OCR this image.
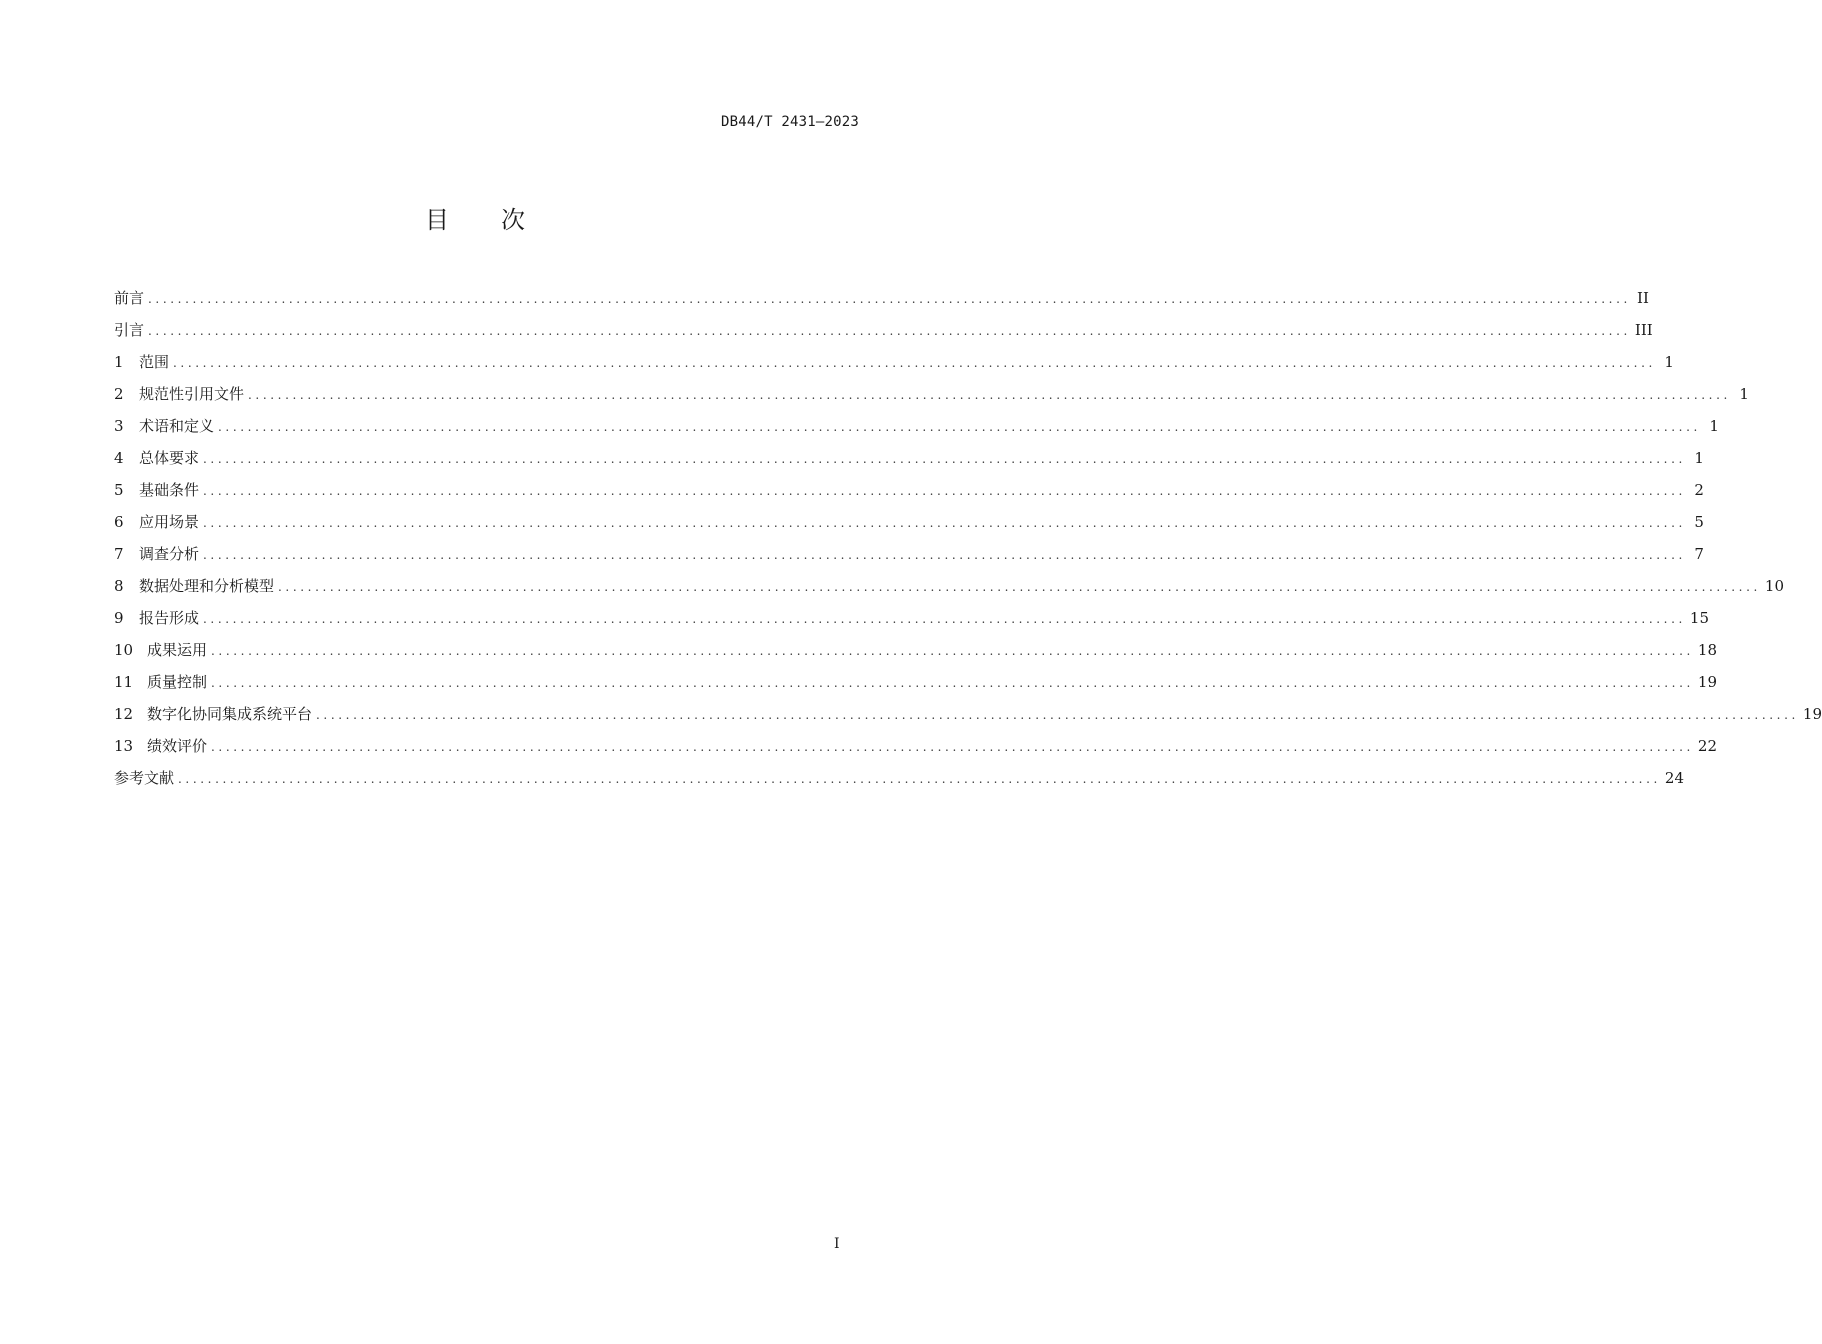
DB44/T 2431—2023
目次
前言 ........................................................................................................................................................................................................ II
引言 ........................................................................................................................................................................................................ III
1	范围 ........................................................................................................................................................................................................ 1
2	规范性引用文件 ........................................................................................................................................................................................................ 1
3	术语和定义 ........................................................................................................................................................................................................ 1
4	总体要求 ........................................................................................................................................................................................................ 1
5	基础条件 ........................................................................................................................................................................................................ 2
6	应用场景 ........................................................................................................................................................................................................ 5
7	调查分析 ........................................................................................................................................................................................................ 7
8	数据处理和分析模型 ........................................................................................................................................................................................................ 10
9	报告形成 ........................................................................................................................................................................................................ 15
10 成果运用 ........................................................................................................................................................................................................ 18
11 质量控制 ........................................................................................................................................................................................................ 19
12 数字化协同集成系统平台 ........................................................................................................................................................................................................ 19
13 绩效评价 ........................................................................................................................................................................................................ 22
参考文献 ........................................................................................................................................................................................................ 24
I
